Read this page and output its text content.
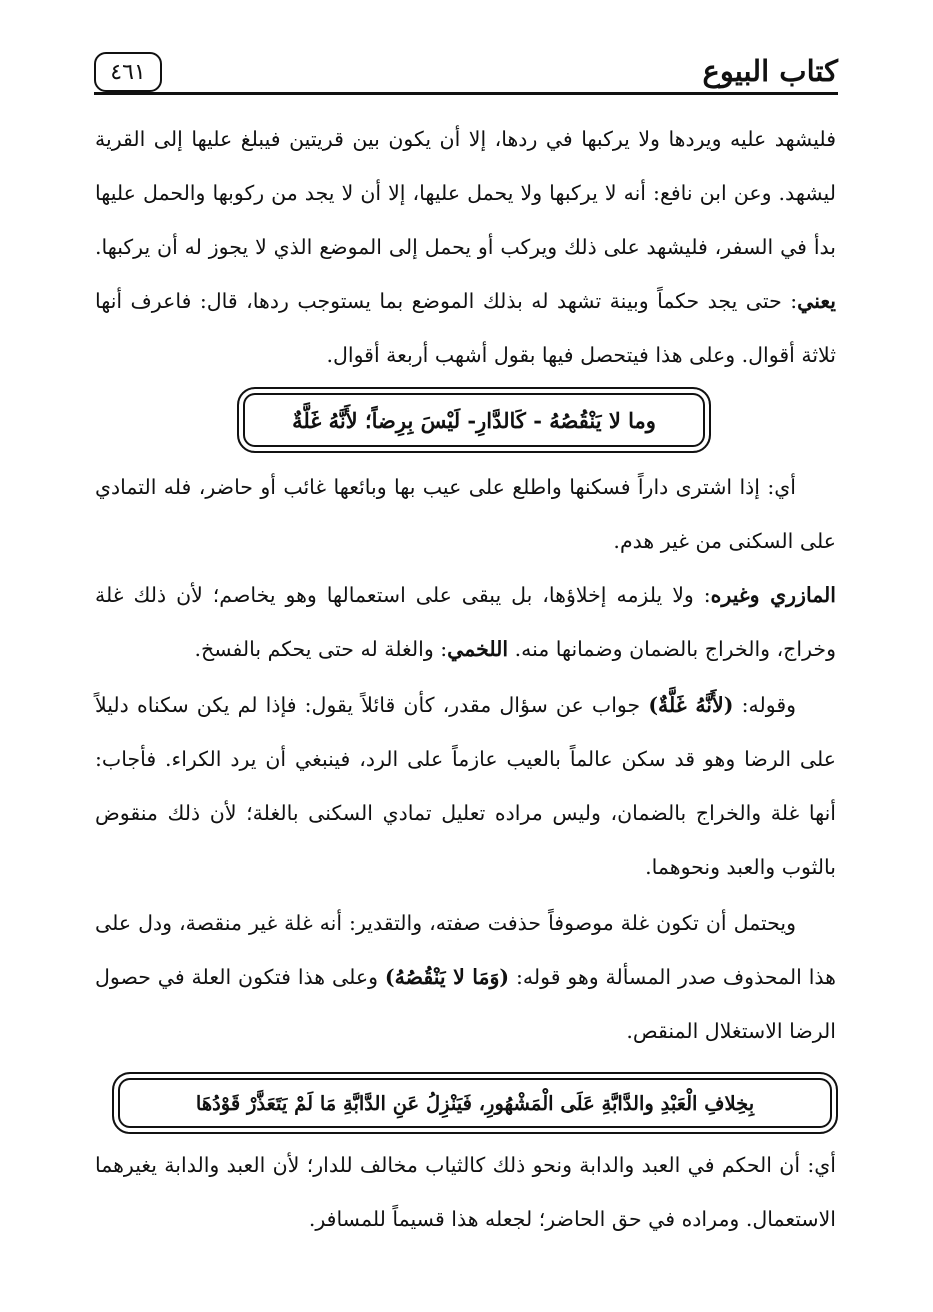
كتاب البيوع
٤٦١

فليشهد عليه ويردها ولا يركبها في ردها، إلا أن يكون بين قريتين فيبلغ عليها إلى القرية ليشهد. وعن ابن نافع: أنه لا يركبها ولا يحمل عليها، إلا أن لا يجد من ركوبها والحمل عليها بدأ في السفر، فليشهد على ذلك ويركب أو يحمل إلى الموضع الذي لا يجوز له أن يركبها. يعني: حتى يجد حكماً وبينة تشهد له بذلك الموضع بما يستوجب ردها، قال: فاعرف أنها ثلاثة أقوال. وعلى هذا فيتحصل فيها بقول أشهب أربعة أقوال.

وما لا يَنْقُصُهُ - كَالدَّارِ- لَيْسَ بِرِضاً؛ لأَنَّهُ غَلَّةٌ

أي: إذا اشترى داراً فسكنها واطلع على عيب بها وبائعها غائب أو حاضر، فله التمادي على السكنى من غير هدم.

المازري وغيره: ولا يلزمه إخلاؤها، بل يبقى على استعمالها وهو يخاصم؛ لأن ذلك غلة وخراج، والخراج بالضمان وضمانها منه. اللخمي: والغلة له حتى يحكم بالفسخ.

وقوله: (لأَنَّهُ غَلَّةٌ) جواب عن سؤال مقدر، كأن قائلاً يقول: فإذا لم يكن سكناه دليلاً على الرضا وهو قد سكن عالماً بالعيب عازماً على الرد، فينبغي أن يرد الكراء. فأجاب: أنها غلة والخراج بالضمان، وليس مراده تعليل تمادي السكنى بالغلة؛ لأن ذلك منقوض بالثوب والعبد ونحوهما.

ويحتمل أن تكون غلة موصوفاً حذفت صفته، والتقدير: أنه غلة غير منقصة، ودل على هذا المحذوف صدر المسألة وهو قوله: (وَمَا لا يَنْقُصُهُ) وعلى هذا فتكون العلة في حصول الرضا الاستغلال المنقص.

بِخِلافِ الْعَبْدِ والدَّابَّةِ عَلَى الْمَشْهُورِ، فَيَنْزِلُ عَنِ الدَّابَّةِ مَا لَمْ يَتَعَذَّرْ قَوْدُهَا

أي: أن الحكم في العبد والدابة ونحو ذلك كالثياب مخالف للدار؛ لأن العبد والدابة يغيرهما الاستعمال. ومراده في حق الحاضر؛ لجعله هذا قسيماً للمسافر.
